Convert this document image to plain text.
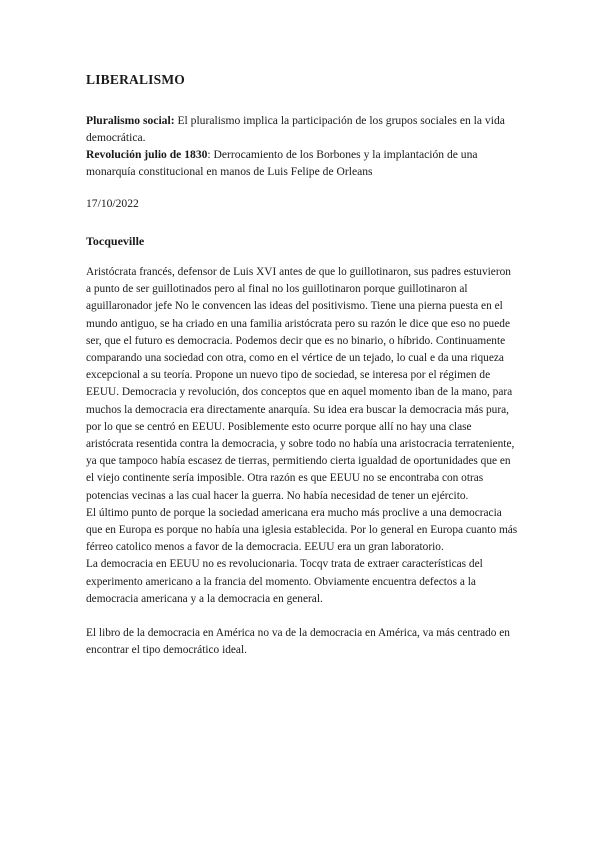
LIBERALISMO

Pluralismo social: El pluralismo implica la participación de los grupos sociales en la vida democrática.

Revolución julio de 1830: Derrocamiento de los Borbones y la implantación de una monarquía constitucional en manos de Luis Felipe de Orleans

17/10/2022

Tocqueville

Aristócrata francés, defensor de Luis XVI antes de que lo guillotinaron, sus padres estuvieron a punto de ser guillotinados pero al final no los guillotinaron porque guillotinaron al aguillaronador jefe No le convencen las ideas del positivismo. Tiene una pierna puesta en el mundo antiguo, se ha criado en una familia aristócrata pero su razón le dice que eso no puede ser, que el futuro es democracia. Podemos decir que es no binario, o híbrido. Continuamente comparando una sociedad con otra, como en el vértice de un tejado, lo cual e da una riqueza excepcional a su teoría. Propone un nuevo tipo de sociedad, se interesa por el régimen de EEUU. Democracia y revolución, dos conceptos que en aquel momento iban de la mano, para muchos la democracia era directamente anarquía. Su idea era buscar la democracia más pura, por lo que se centró en EEUU. Posiblemente esto ocurre porque allí no hay una clase aristócrata resentida contra la democracia, y sobre todo no había una aristocracia terrateniente, ya que tampoco había escasez de tierras, permitiendo cierta igualdad de oportunidades que en el viejo continente sería imposible. Otra razón es que EEUU no se encontraba con otras potencias vecinas a las cual hacer la guerra. No había necesidad de tener un ejército.

El último punto de porque la sociedad americana era mucho más proclive a una democracia que en Europa es porque no había una iglesia establecida. Por lo general en Europa cuanto más férreo catolico menos a favor de la democracia. EEUU era un gran laboratorio.

La democracia en EEUU no es revolucionaria. Tocqv trata de extraer características del experimento americano a la francia del momento. Obviamente encuentra defectos a la democracia americana y a la democracia en general.

El libro de la democracia en América no va de la democracia en América, va más centrado en encontrar el tipo democrático ideal.
